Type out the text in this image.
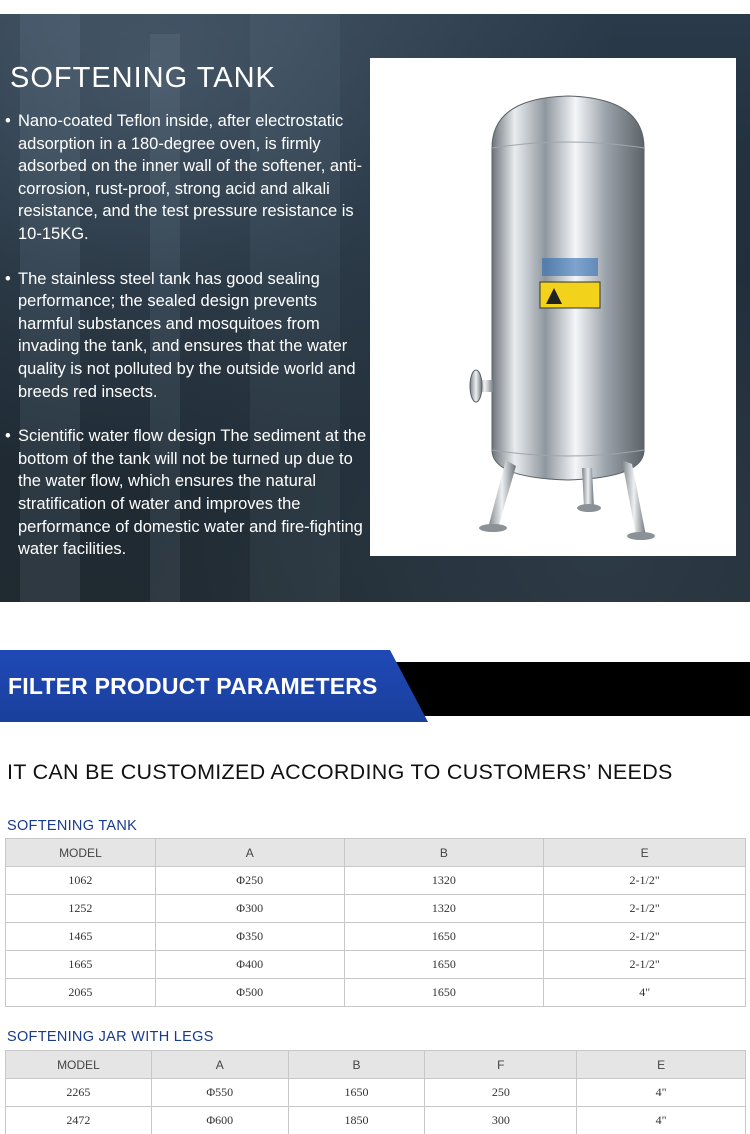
SOFTENING TANK

• Nano-coated Teflon inside, after electrostatic adsorption in a 180-degree oven, is firmly adsorbed on the inner wall of the softener, anti-corrosion, rust-proof, strong acid and alkali resistance, and the test pressure resistance is 10-15KG.

• The stainless steel tank has good sealing performance; the sealed design prevents harmful substances and mosquitoes from invading the tank, and ensures that the water quality is not polluted by the outside world and breeds red insects.

• Scientific water flow design The sediment at the bottom of the tank will not be turned up due to the water flow, which ensures the natural stratification of water and improves the performance of domestic water and fire-fighting water facilities.

FILTER PRODUCT PARAMETERS

IT CAN BE CUSTOMIZED ACCORDING TO CUSTOMERS’ NEEDS

SOFTENING TANK

MODEL	A	B	E
1062	Φ250	1320	2-1/2"
1252	Φ300	1320	2-1/2"
1465	Φ350	1650	2-1/2"
1665	Φ400	1650	2-1/2"
2065	Φ500	1650	4"

SOFTENING JAR WITH LEGS

MODEL	A	B	F	E
2265	Φ550	1650	250	4"
2472	Φ600	1850	300	4"
